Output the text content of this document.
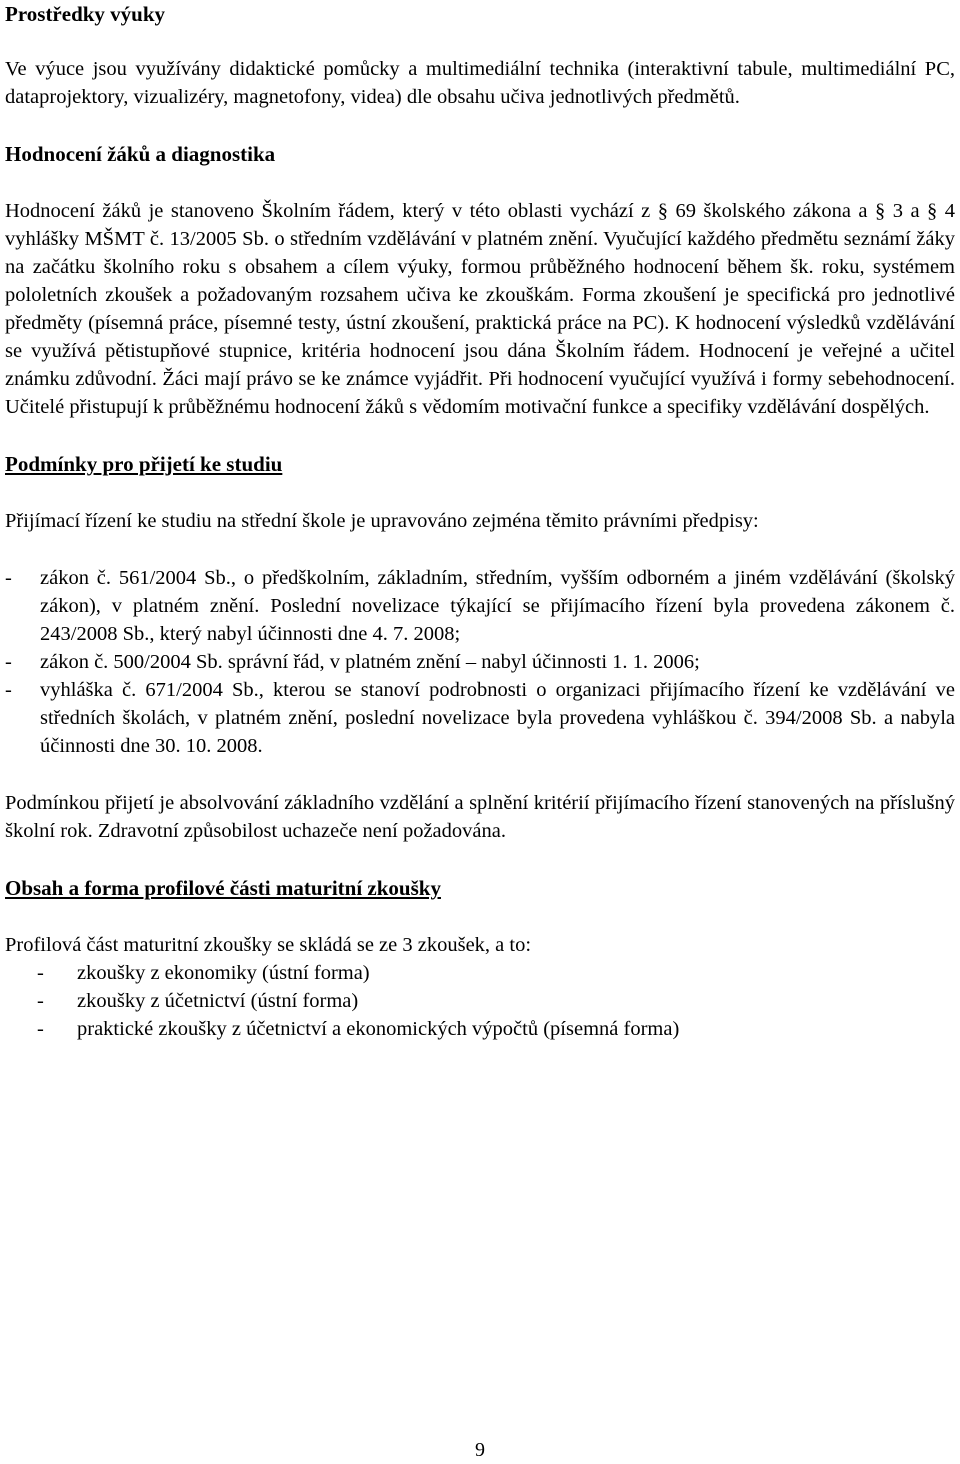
Prostředky výuky

Ve výuce jsou využívány didaktické pomůcky a multimediální technika (interaktivní tabule, multimediální PC, dataprojektory, vizualizéry, magnetofony, videa) dle obsahu učiva jednotlivých předmětů.

Hodnocení žáků a diagnostika

Hodnocení žáků je stanoveno Školním řádem, který v této oblasti vychází z § 69 školského zákona a § 3 a § 4 vyhlášky MŠMT č. 13/2005 Sb. o středním vzdělávání v platném znění. Vyučující každého předmětu seznámí žáky na začátku školního roku s obsahem a cílem výuky, formou průběžného hodnocení během šk. roku, systémem pololetních zkoušek a požadovaným rozsahem učiva ke zkouškám. Forma zkoušení je specifická pro jednotlivé předměty (písemná práce, písemné testy, ústní zkoušení, praktická práce na PC). K hodnocení výsledků vzdělávání se využívá pětistupňové stupnice, kritéria hodnocení jsou dána Školním řádem. Hodnocení je veřejné a učitel známku zdůvodní. Žáci mají právo se ke známce vyjádřit. Při hodnocení vyučující využívá i formy sebehodnocení. Učitelé přistupují k průběžnému hodnocení žáků s vědomím motivační funkce a specifiky vzdělávání dospělých.

Podmínky pro přijetí ke studiu

Přijímací řízení ke studiu na střední škole je upravováno zejména těmito právními předpisy:

-	zákon č. 561/2004 Sb., o předškolním, základním, středním, vyšším odborném a jiném vzdělávání (školský zákon), v platném znění. Poslední novelizace týkající se přijímacího řízení byla provedena zákonem č. 243/2008 Sb., který nabyl účinnosti dne 4. 7. 2008;
-	zákon č. 500/2004 Sb. správní řád, v platném znění – nabyl účinnosti 1. 1. 2006;
-	vyhláška č. 671/2004 Sb., kterou se stanoví podrobnosti o organizaci přijímacího řízení ke vzdělávání ve středních školách, v platném znění, poslední novelizace byla provedena vyhláškou č. 394/2008 Sb. a nabyla účinnosti dne 30. 10. 2008.

Podmínkou přijetí je absolvování základního vzdělání a splnění kritérií přijímacího řízení stanovených na příslušný školní rok. Zdravotní způsobilost uchazeče není požadována.

Obsah a forma profilové části maturitní zkoušky

Profilová část maturitní zkoušky se skládá se ze 3 zkoušek, a to:

-	zkoušky z ekonomiky (ústní forma)
-	zkoušky z účetnictví (ústní forma)
-	praktické zkoušky z účetnictví a ekonomických výpočtů (písemná forma)
9
